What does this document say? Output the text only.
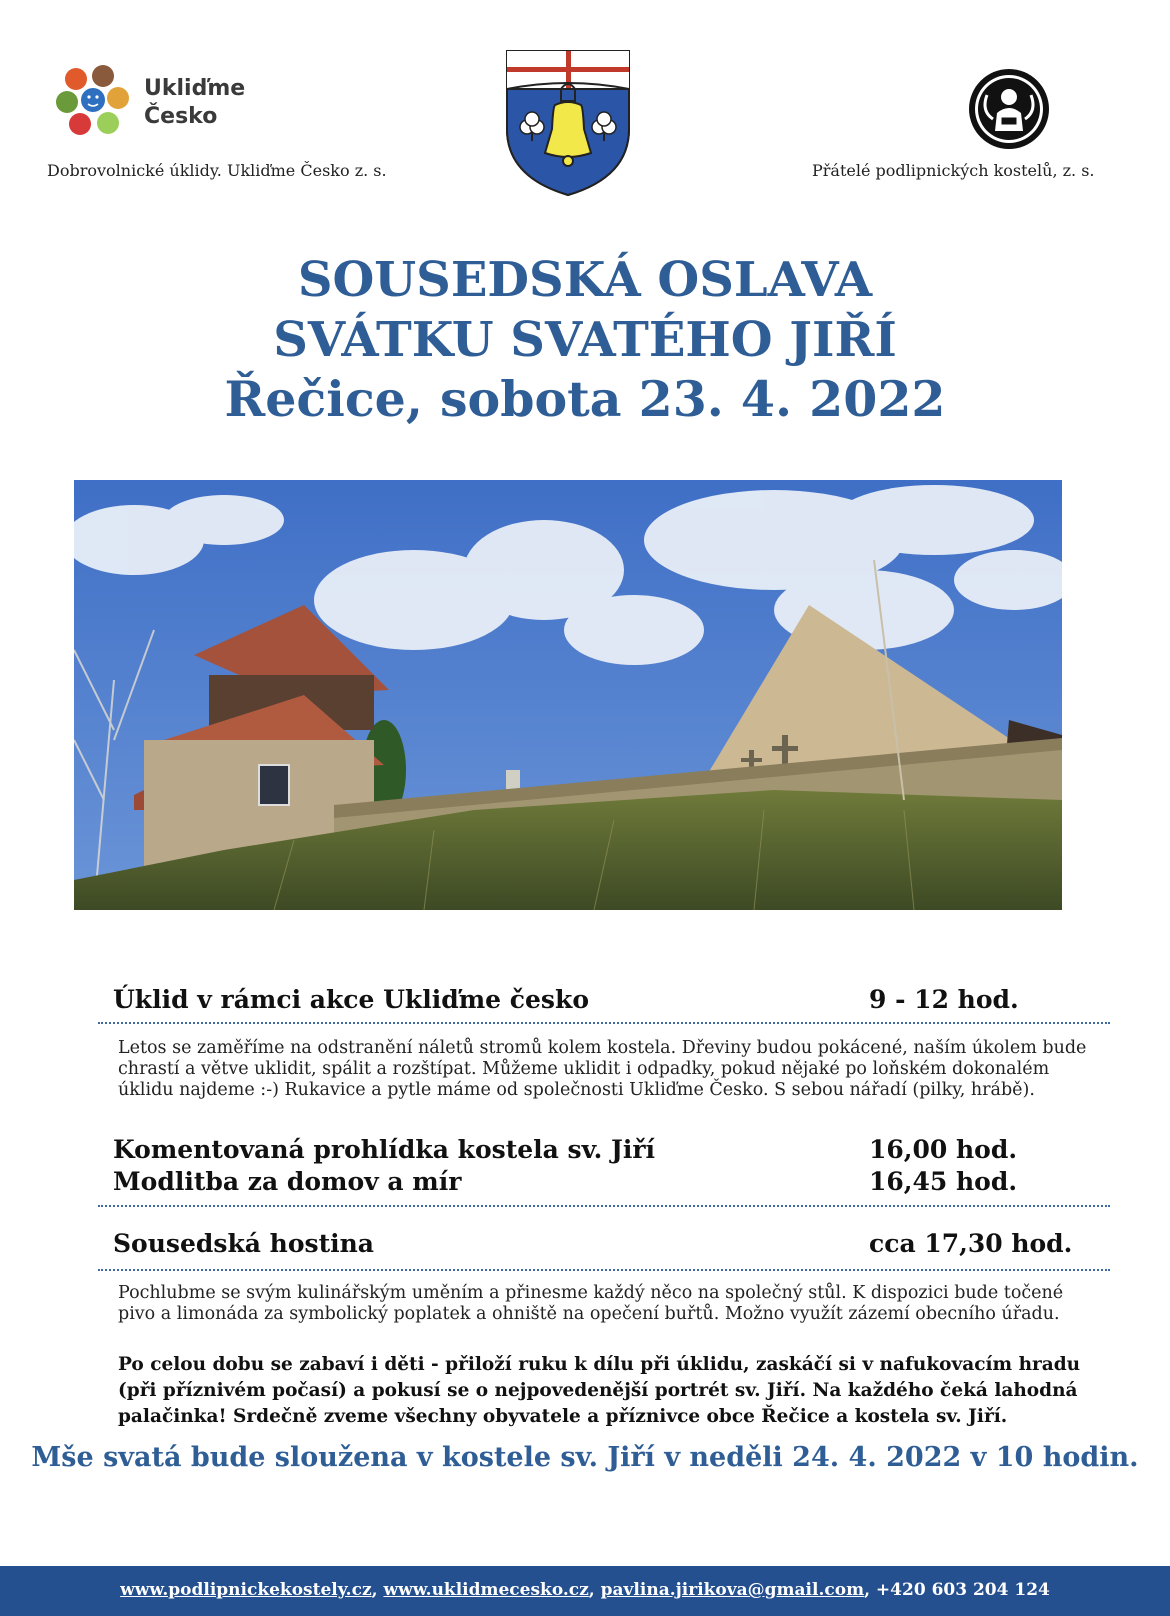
Ukliďme
Česko
Dobrovolnické úklidy. Ukliďme Česko z. s.	Přátelé podlipnických kostelů, z. s.
SOUSEDSKÁ OSLAVA
SVÁTKU SVATÉHO JIŘÍ
Řečice, sobota 23. 4. 2022
Úklid v rámci akce Ukliďme česko	9 - 12 hod.
Letos se zaměříme na odstranění náletů stromů kolem kostela. Dřeviny budou pokácené, naším úkolem bude chrastí a větve uklidit, spálit a rozštípat. Můžeme uklidit i odpadky, pokud nějaké po loňském dokonalém úklidu najdeme :-) Rukavice a pytle máme od společnosti Ukliďme Česko. S sebou nářadí (pilky, hrábě).
Komentovaná prohlídka kostela sv. Jiří	16,00 hod.
Modlitba za domov a mír	16,45 hod.
Sousedská hostina	cca 17,30 hod.
Pochlubme se svým kulinářským uměním a přinesme každý něco na společný stůl. K dispozici bude točené pivo a limonáda za symbolický poplatek a ohniště na opečení buřtů. Možno využít zázemí obecního úřadu.
Po celou dobu se zabaví i děti - přiloží ruku k dílu při úklidu, zaskáčí si v nafukovacím hradu (při příznivém počasí) a pokusí se o nejpovedenější portrét sv. Jiří. Na každého čeká lahodná palačinka! Srdečně zveme všechny obyvatele a příznivce obce Řečice a kostela sv. Jiří.
Mše svatá bude sloužena v kostele sv. Jiří v neděli 24. 4. 2022 v 10 hodin.
www.podlipnickekostely.cz, www.uklidmecesko.cz, pavlina.jirikova@gmail.com, +420 603 204 124
